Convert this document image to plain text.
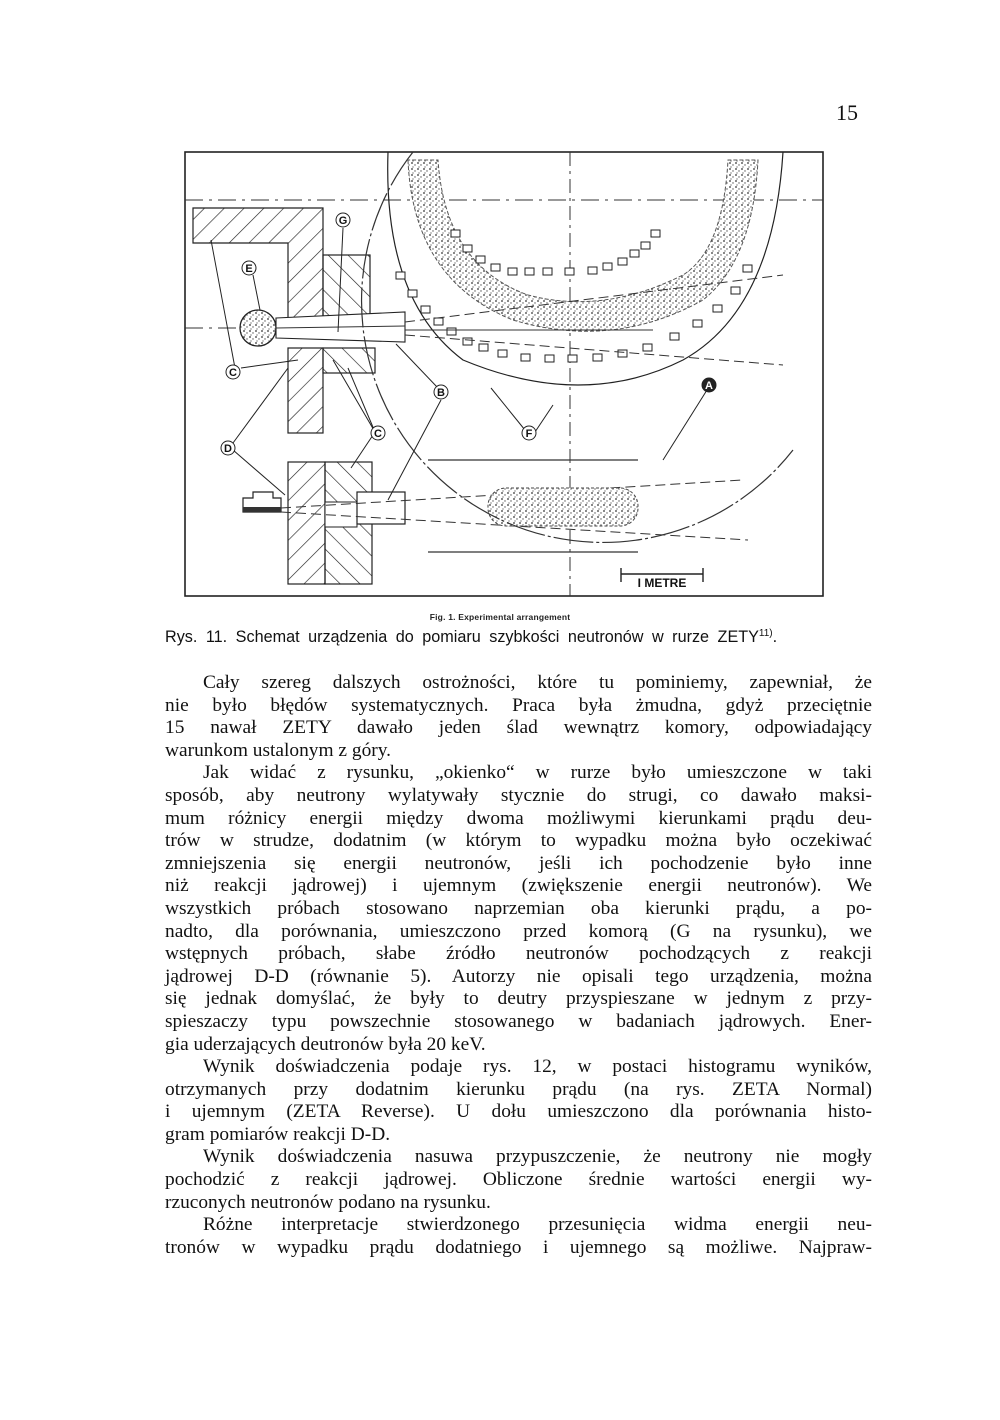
15
G
E
C
B
D
C	F
A
I METRE
Fig. 1. Experimental arrangement
Rys. 11. Schemat urządzenia do pomiaru szybkości neutronów w rurze ZETY$^{11)}$.
Cały szereg dalszych ostrożności, które tu pominiemy, zapewniał, że
nie było błędów systematycznych. Praca była żmudna, gdyż przeciętnie
15 nawał ZETY dawało jeden ślad wewnątrz komory, odpowiadający
warunkom ustalonym z góry.
Jak widać z rysunku, „okienko“ w rurze było umieszczone w taki
sposób, aby neutrony wylatywały stycznie do strugi, co dawało maksi-
mum różnicy energii między dwoma możliwymi kierunkami prądu deu-
trów w strudze, dodatnim (w którym to wypadku można było oczekiwać
zmniejszenia się energii neutronów, jeśli ich pochodzenie było inne
niż reakcji jądrowej) i ujemnym (zwiększenie energii neutronów). We
wszystkich próbach stosowano naprzemian oba kierunki prądu, a po-
nadto, dla porównania, umieszczono przed komorą (G na rysunku), we
wstępnych próbach, słabe źródło neutronów pochodzących z reakcji
jądrowej D-D (równanie 5). Autorzy nie opisali tego urządzenia, można
się jednak domyślać, że były to deutry przyspieszane w jednym z przy-
spieszaczy typu powszechnie stosowanego w badaniach jądrowych. Ener-
gia uderzających deutronów była 20 keV.
Wynik doświadczenia podaje rys. 12, w postaci histogramu wyników,
otrzymanych przy dodatnim kierunku prądu (na rys. ZETA Normal)
i ujemnym (ZETA Reverse). U dołu umieszczono dla porównania histo-
gram pomiarów reakcji D-D.
Wynik doświadczenia nasuwa przypuszczenie, że neutrony nie mogły
pochodzić z reakcji jądrowej. Obliczone średnie wartości energii wy-
rzuconych neutronów podano na rysunku.
Różne interpretacje stwierdzonego przesunięcia widma energii neu-
tronów w wypadku prądu dodatniego i ujemnego są możliwe. Najpraw-
